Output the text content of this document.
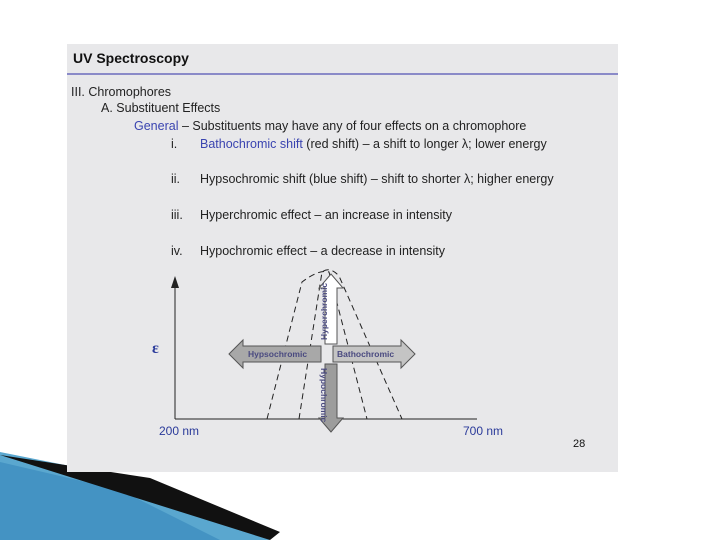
UV Spectroscopy
III. Chromophores
A. Substituent Effects
General – Substituents may have any of four effects on a chromophore
i. Bathochromic shift (red shift) – a shift to longer λ; lower energy
ii. Hypsochromic shift (blue shift) – shift to shorter λ; higher energy
iii. Hyperchromic effect – an increase in intensity
iv. Hypochromic effect – a decrease in intensity
Hyperchromic
Hypochromic
Hypsochromic	Bathochromic
ε
200 nm	700 nm
28
